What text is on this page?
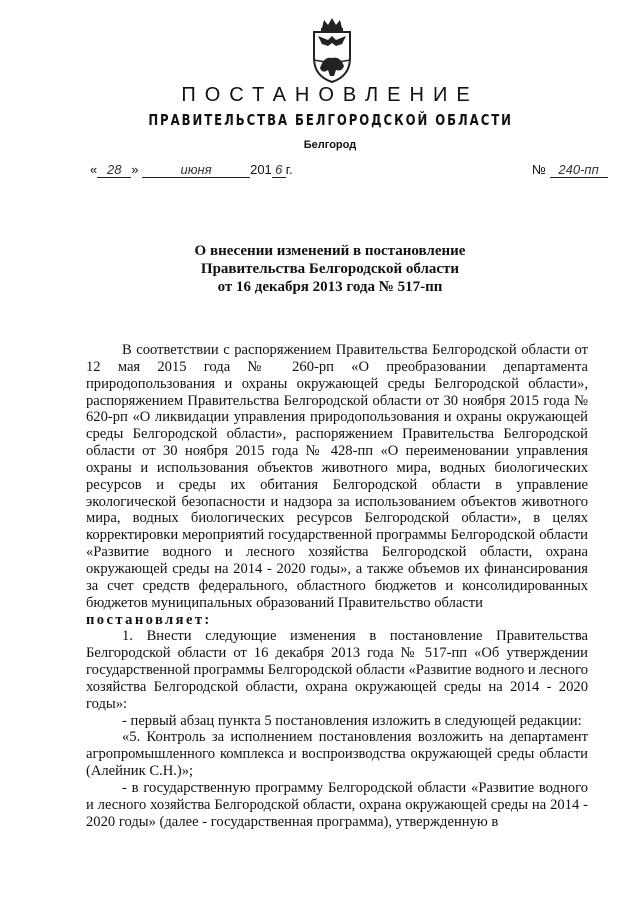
ПОСТАНОВЛЕНИЕ
ПРАВИТЕЛЬСТВА БЕЛГОРОДСКОЙ ОБЛАСТИ
Белгород
« 28 »	июня	201 6 г.	№ 240-пп
О внесении изменений в постановление
Правительства Белгородской области
от 16 декабря 2013 года № 517-пп

В соответствии с распоряжением Правительства Белгородской области от 12 мая 2015 года № 260-рп «О преобразовании департамента природопользования и охраны окружающей среды Белгородской области», распоряжением Правительства Белгородской области от 30 ноября 2015 года № 620-рп «О ликвидации управления природопользования и охраны окружающей среды Белгородской области», распоряжением Правительства Белгородской области от 30 ноября 2015 года № 428-пп «О переименовании управления охраны и использования объектов животного мира, водных биологических ресурсов и среды их обитания Белгородской области в управление экологической безопасности и надзора за использованием объектов животного мира, водных биологических ресурсов Белгородской области», в целях корректировки мероприятий государственной программы Белгородской области «Развитие водного и лесного хозяйства Белгородской области, охрана окружающей среды на 2014 - 2020 годы», а также объемов их финансирования за счет средств федерального, областного бюджетов и консолидированных бюджетов муниципальных образований Правительство области

постановляет:

1. Внести следующие изменения в постановление Правительства Белгородской области от 16 декабря 2013 года № 517-пп «Об утверждении государственной программы Белгородской области «Развитие водного и лесного хозяйства Белгородской области, охрана окружающей среды на 2014 - 2020 годы»:

- первый абзац пункта 5 постановления изложить в следующей редакции:

«5. Контроль за исполнением постановления возложить на департамент агропромышленного комплекса и воспроизводства окружающей среды области (Алейник С.Н.)»;

- в государственную программу Белгородской области «Развитие водного и лесного хозяйства Белгородской области, охрана окружающей среды на 2014 - 2020 годы» (далее - государственная программа), утвержденную в
